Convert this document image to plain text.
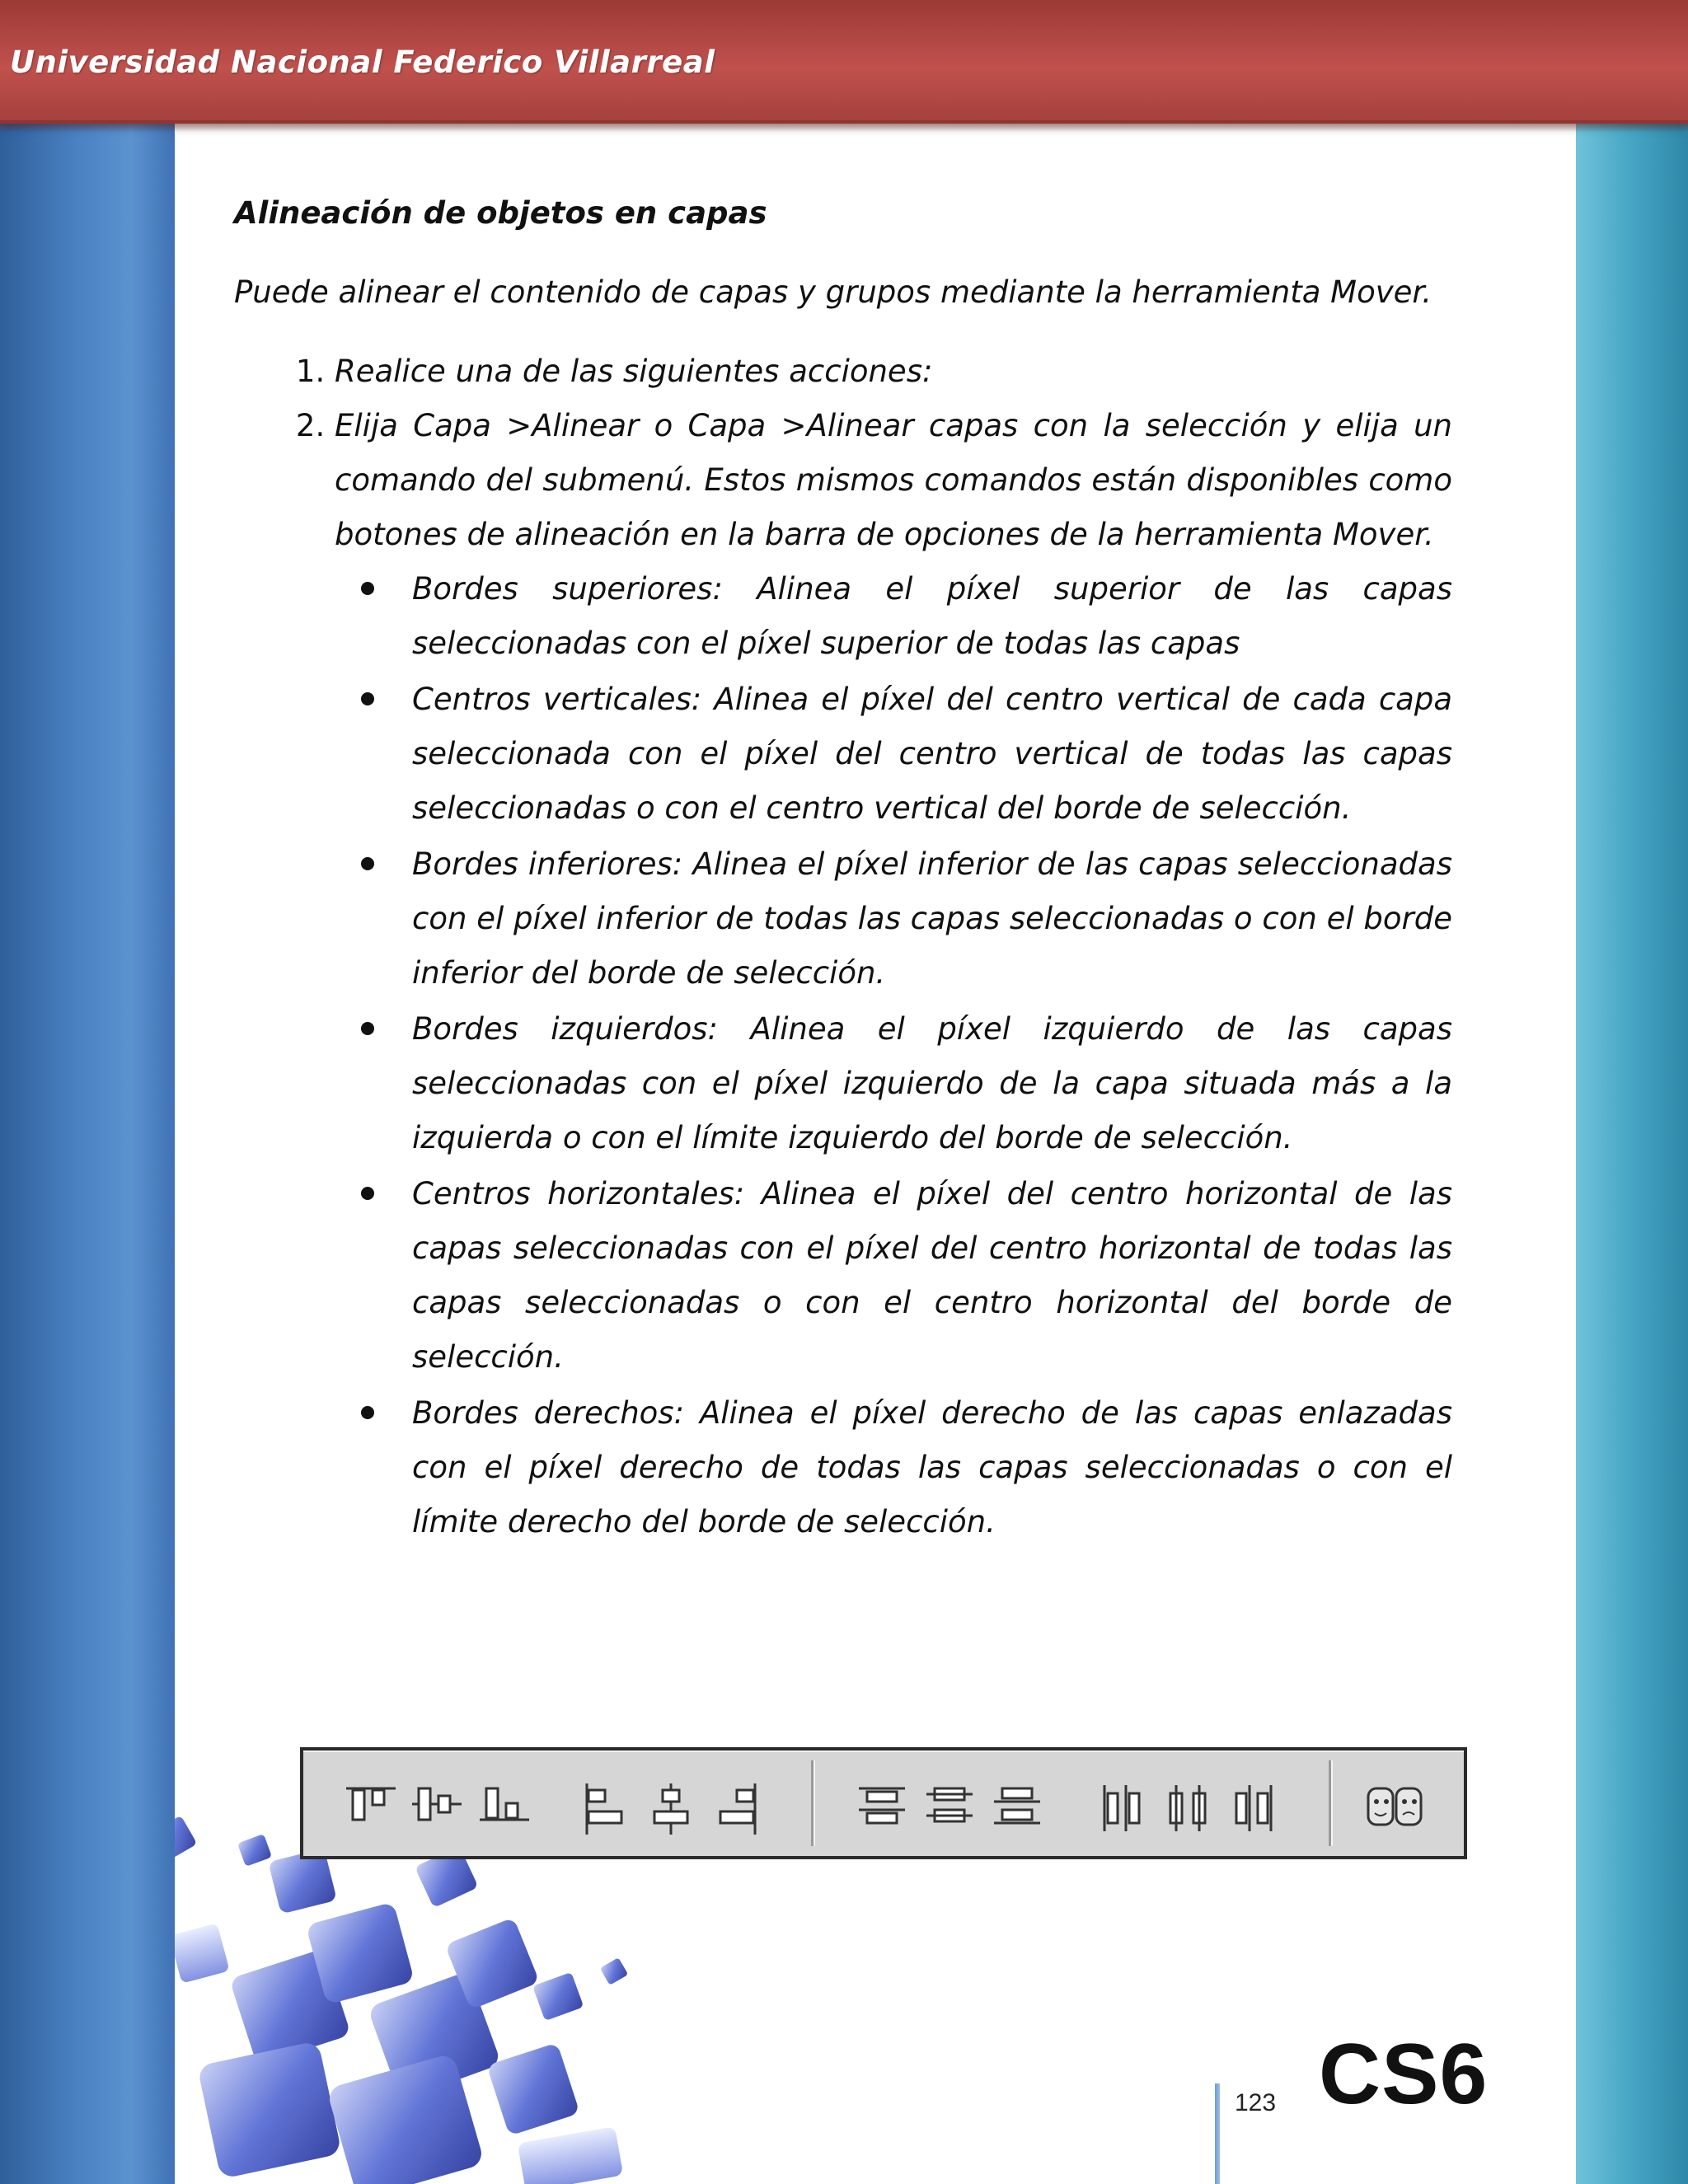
Universidad Nacional Federico Villarreal
Alineación de objetos en capas
Puede alinear el contenido de capas y grupos mediante la herramienta Mover.
1. Realice una de las siguientes acciones:
2. Elija Capa >Alinear o Capa >Alinear capas con la selección y elija un comando del submenú. Estos mismos comandos están disponibles como botones de alineación en la barra de opciones de la herramienta Mover.
Bordes superiores: Alinea el píxel superior de las capas seleccionadas con el píxel superior de todas las capas
Centros verticales: Alinea el píxel del centro vertical de cada capa seleccionada con el píxel del centro vertical de todas las capas seleccionadas o con el centro vertical del borde de selección.
Bordes inferiores: Alinea el píxel inferior de las capas seleccionadas con el píxel inferior de todas las capas seleccionadas o con el borde inferior del borde de selección.
Bordes izquierdos: Alinea el píxel izquierdo de las capas seleccionadas con el píxel izquierdo de la capa situada más a la izquierda o con el límite izquierdo del borde de selección.
Centros horizontales: Alinea el píxel del centro horizontal de las capas seleccionadas con el píxel del centro horizontal de todas las capas seleccionadas o con el centro horizontal del borde de selección.
Bordes derechos: Alinea el píxel derecho de las capas enlazadas con el píxel derecho de todas las capas seleccionadas o con el límite derecho del borde de selección.
123 CS6
